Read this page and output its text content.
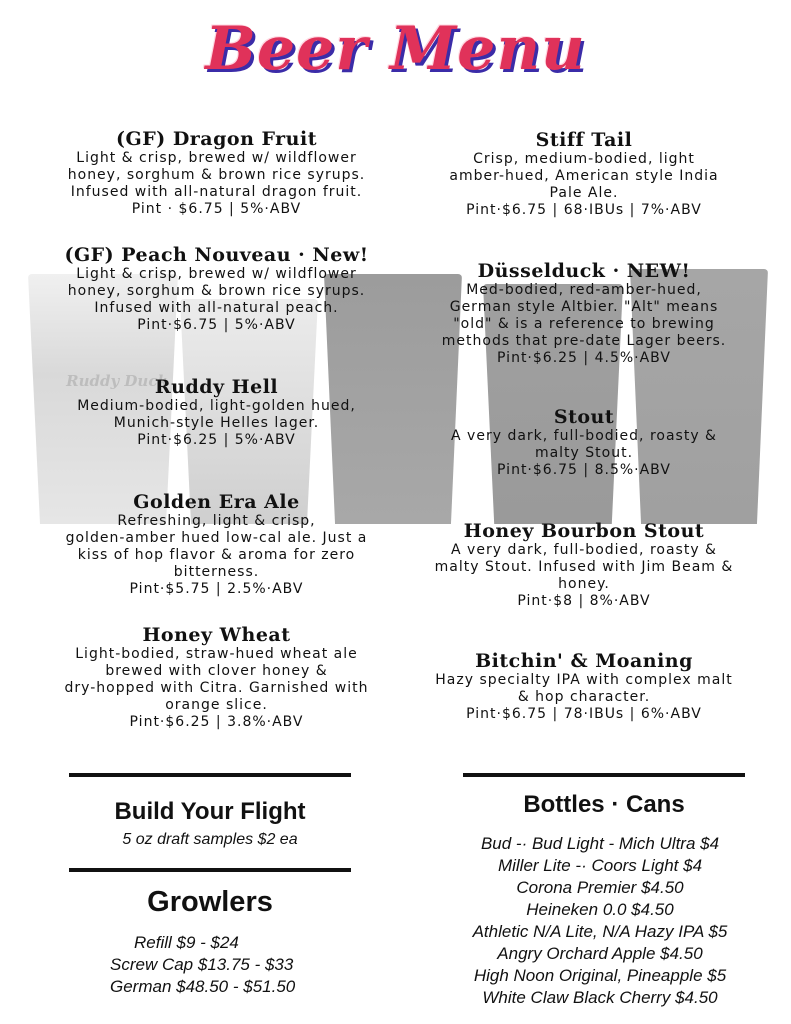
Beer Menu
Ruddy Duck
(GF) Dragon Fruit
Light & crisp, brewed w/ wildflower
honey, sorghum & brown rice syrups.
Infused with all-natural dragon fruit.
Pint · $6.75 | 5%·ABV
(GF) Peach Nouveau · New!
Light & crisp, brewed w/ wildflower
honey, sorghum & brown rice syrups.
Infused with all-natural peach.
Pint·$6.75 | 5%·ABV
Ruddy Hell
Medium-bodied, light-golden hued,
Munich-style Helles lager.
Pint·$6.25 | 5%·ABV
Golden Era Ale
Refreshing, light & crisp,
golden-amber hued low-cal ale. Just a
kiss of hop flavor & aroma for zero
bitterness.
Pint·$5.75 | 2.5%·ABV
Honey Wheat
Light-bodied, straw-hued wheat ale
brewed with clover honey &
dry-hopped with Citra. Garnished with
orange slice.
Pint·$6.25 | 3.8%·ABV
Stiff Tail
Crisp, medium-bodied, light
amber-hued, American style India
Pale Ale.
Pint·$6.75 | 68·IBUs | 7%·ABV
Düsselduck · NEW!
Med-bodied, red-amber-hued,
German style Altbier. "Alt" means
"old" & is a reference to brewing
methods that pre-date Lager beers.
Pint·$6.25 | 4.5%·ABV
Stout
A very dark, full-bodied, roasty &
malty Stout.
Pint·$6.75 | 8.5%·ABV
Honey Bourbon Stout
A very dark, full-bodied, roasty &
malty Stout. Infused with Jim Beam &
honey.
Pint·$8 | 8%·ABV
Bitchin' & Moaning
Hazy specialty IPA with complex malt
& hop character.
Pint·$6.75 | 78·IBUs | 6%·ABV
Build Your Flight
5 oz draft samples $2 ea
Growlers
Refill $9 - $24
Screw Cap $13.75 - $33
German $48.50 - $51.50
Bottles · Cans
Bud -· Bud Light - Mich Ultra $4
Miller Lite -· Coors Light $4
Corona Premier $4.50
Heineken 0.0 $4.50
Athletic N/A Lite, N/A Hazy IPA $5
Angry Orchard Apple $4.50
High Noon Original, Pineapple $5
White Claw Black Cherry $4.50
